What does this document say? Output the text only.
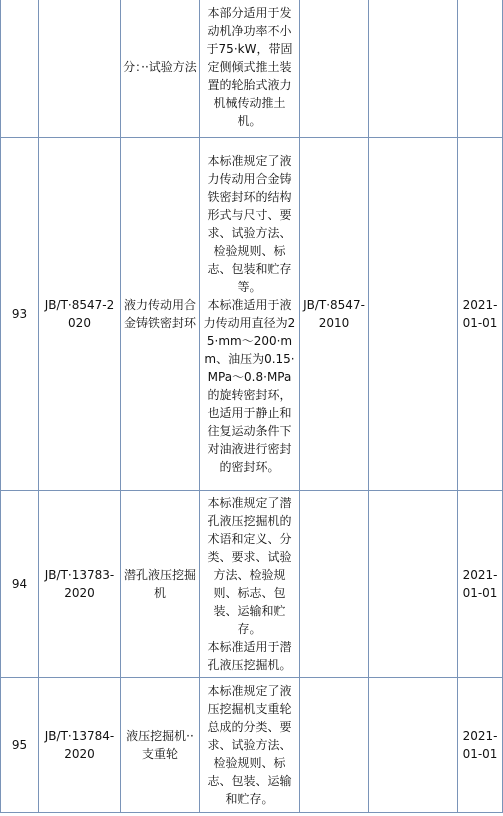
		分：··试验方法	本部分适用于发动机净功率不小于75·kW，带固定侧倾式推土装置的轮胎式液力机械传动推土机。			

93	JB/T·8547-2020	液力传动用合金铸铁密封环	本标准规定了液力传动用合金铸铁密封环的结构形式与尺寸、要求、试验方法、检验规则、标志、包装和贮存等。
本标准适用于液力传动用直径为25·mm～200·mm、油压为0.15·MPa～0.8·MPa的旋转密封环，也适用于静止和往复运动条件下对油液进行密封的密封环。	JB/T·8547-2010		2021-01-01
94	JB/T·13783-2020	潜孔液压挖掘机	本标准规定了潜孔液压挖掘机的术语和定义、分类、要求、试验方法、检验规则、标志、包装、运输和贮存。
本标准适用于潜孔液压挖掘机。			2021-01-01
95	JB/T·13784-2020	液压挖掘机··支重轮	本标准规定了液压挖掘机支重轮总成的分类、要求、试验方法、检验规则、标志、包装、运输和贮存。			2021-01-01
